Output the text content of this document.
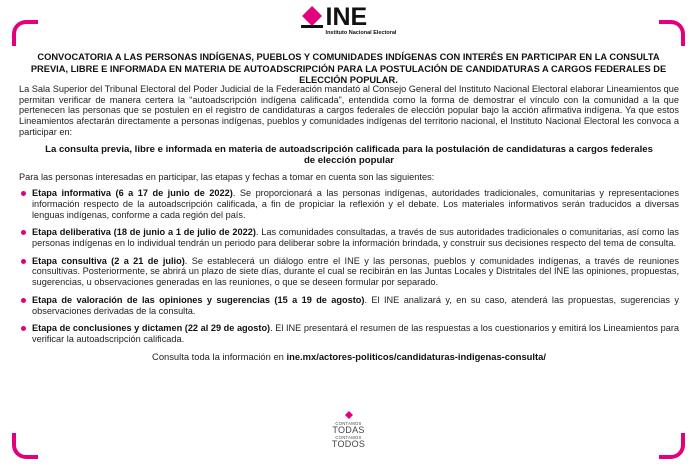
INE
Instituto Nacional Electoral
CONVOCATORIA A LAS PERSONAS INDÍGENAS, PUEBLOS Y COMUNIDADES INDÍGENAS CON INTERÉS EN PARTICIPAR EN LA CONSULTA PREVIA, LIBRE E INFORMADA EN MATERIA DE AUTOADSCRIPCIÓN PARA LA POSTULACIÓN DE CANDIDATURAS A CARGOS FEDERALES DE ELECCIÓN POPULAR.

La Sala Superior del Tribunal Electoral del Poder Judicial de la Federación mandató al Consejo General del Instituto Nacional Electoral elaborar Lineamientos que permitan verificar de manera certera la “autoadscripción indígena calificada”, entendida como la forma de demostrar el vínculo con la comunidad a la que pertenecen las personas que se postulen en el registro de candidaturas a cargos federales de elección popular bajo la acción afirmativa indígena. Ya que estos Lineamientos afectarán directamente a personas indígenas, pueblos y comunidades indígenas del territorio nacional, el Instituto Nacional Electoral les convoca a participar en:

La consulta previa, libre e informada en materia de autoadscripción calificada para la postulación de candidaturas a cargos federales de elección popular

Para las personas interesadas en participar, las etapas y fechas a tomar en cuenta son las siguientes:

Etapa informativa (6 a 17 de junio de 2022). Se proporcionará a las personas indígenas, autoridades tradicionales, comunitarias y representaciones información respecto de la autoadscripción calificada, a fin de propiciar la reflexión y el debate. Los materiales informativos serán traducidos a diversas lenguas indígenas, conforme a cada región del país.
Etapa deliberativa (18 de junio a 1 de julio de 2022). Las comunidades consultadas, a través de sus autoridades tradicionales o comunitarias, así como las personas indígenas en lo individual tendrán un periodo para deliberar sobre la información brindada, y construir sus decisiones respecto del tema de consulta.
Etapa consultiva (2 a 21 de julio). Se establecerá un diálogo entre el INE y las personas, pueblos y comunidades indígenas, a través de reuniones consultivas. Posteriormente, se abrirá un plazo de siete días, durante el cual se recibirán en las Juntas Locales y Distritales del INE las opiniones, propuestas, sugerencias, u observaciones generadas en las reuniones, o que se deseen formular por separado.
Etapa de valoración de las opiniones y sugerencias (15 a 19 de agosto). El INE analizará y, en su caso, atenderá las propuestas, sugerencias y observaciones derivadas de la consulta.
Etapa de conclusiones y dictamen (22 al 29 de agosto). El INE presentará el resumen de las respuestas a los cuestionarios y emitirá los Lineamientos para verificar la autoadscripción calificada.

Consulta toda la información en ine.mx/actores-politicos/candidaturas-indigenas-consulta/

CONTAMOS
TODAS
CONTAMOS
TODOS
